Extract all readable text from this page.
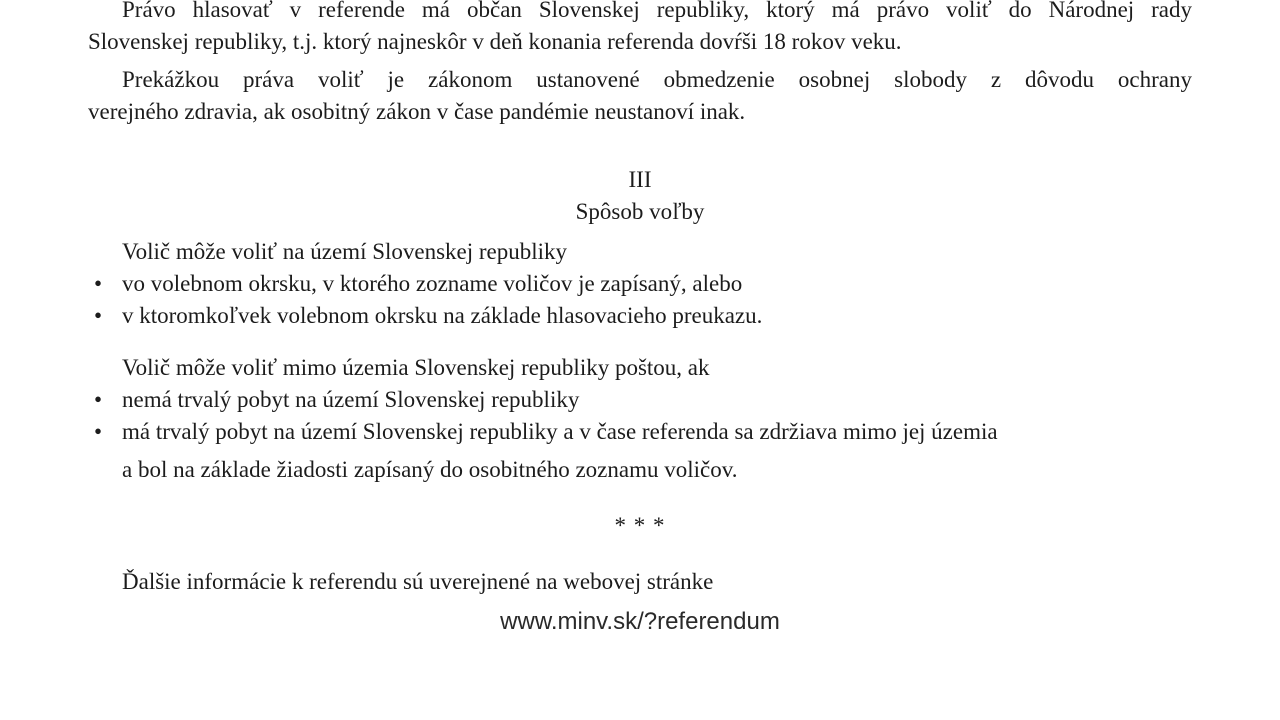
Právo hlasovať v referende má občan Slovenskej republiky, ktorý má právo voliť do Národnej rady
Slovenskej republiky, t.j. ktorý najneskôr v deň konania referenda dovŕši 18 rokov veku.
Prekážkou práva voliť je zákonom ustanovené obmedzenie osobnej slobody z dôvodu ochrany
verejného zdravia, ak osobitný zákon v čase pandémie neustanoví inak.
III
Spôsob voľby
Volič môže voliť na území Slovenskej republiky
• vo volebnom okrsku, v ktorého zozname voličov je zapísaný, alebo
• v ktoromkoľvek volebnom okrsku na základe hlasovacieho preukazu.
Volič môže voliť mimo územia Slovenskej republiky poštou, ak
• nemá trvalý pobyt na území Slovenskej republiky
• má trvalý pobyt na území Slovenskej republiky a v čase referenda sa zdržiava mimo jej územia
a bol na základe žiadosti zapísaný do osobitného zoznamu voličov.
* * *
Ďalšie informácie k referendu sú uverejnené na webovej stránke
www.minv.sk/?referendum
